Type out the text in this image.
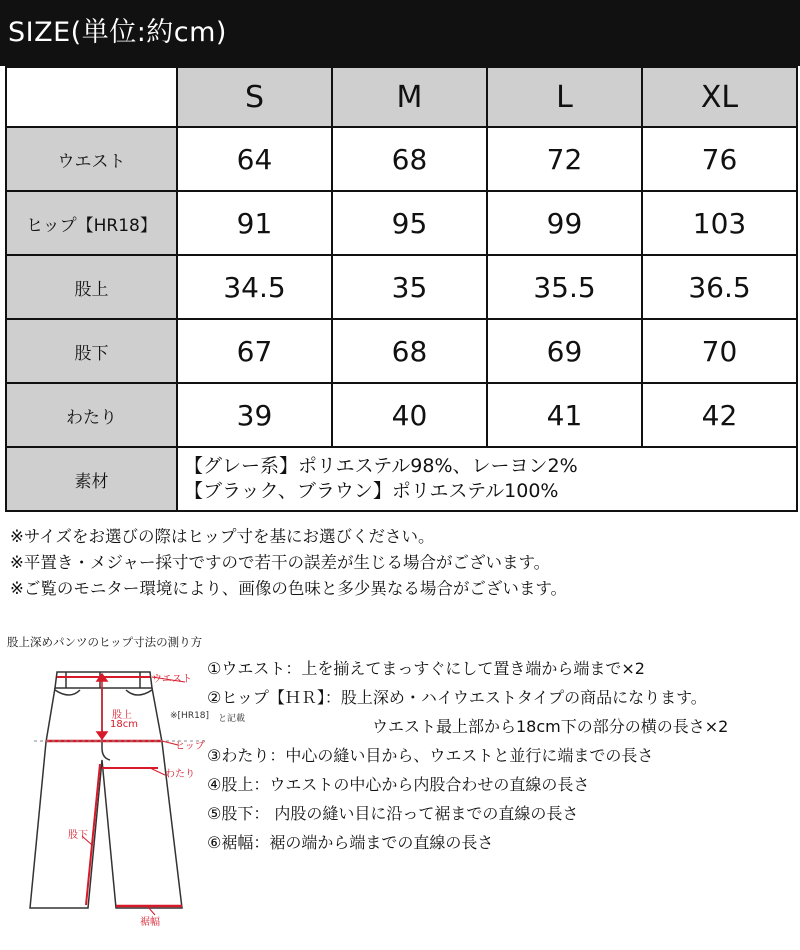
SIZE(単位:約cm)
	S	M	L	XL
ウエスト	64	68	72	76
ヒップ【HR18】	91	95	99	103
股上	34.5	35	35.5	36.5
股下	67	68	69	70
わたり	39	40	41	42
素材	【グレー系】ポリエステル98%、レーヨン2%
【ブラック、ブラウン】ポリエステル100%			
※サイズをお選びの際はヒップ寸を基にお選びください。
※平置き・メジャー採寸ですので若干の誤差が生じる場合がございます。
※ご覧のモニター環境により、画像の色味と多少異なる場合がございます。
股上深めパンツのヒップ寸法の測り方
ウエスト
股上
18cm
※[HR18] と記載
ヒップ
わたり
股下
裾幅
①ウエスト：上を揃えてまっすぐにして置き端から端まで×2
②ヒップ【ＨＲ】：股上深め・ハイウエストタイプの商品になります。
ウエスト最上部から18cm下の部分の横の長さ×2
③わたり：中心の縫い目から、ウエストと並行に端までの長さ
④股上：ウエストの中心から内股合わせの直線の長さ
⑤股下： 内股の縫い目に沿って裾までの直線の長さ
⑥裾幅：裾の端から端までの直線の長さ
